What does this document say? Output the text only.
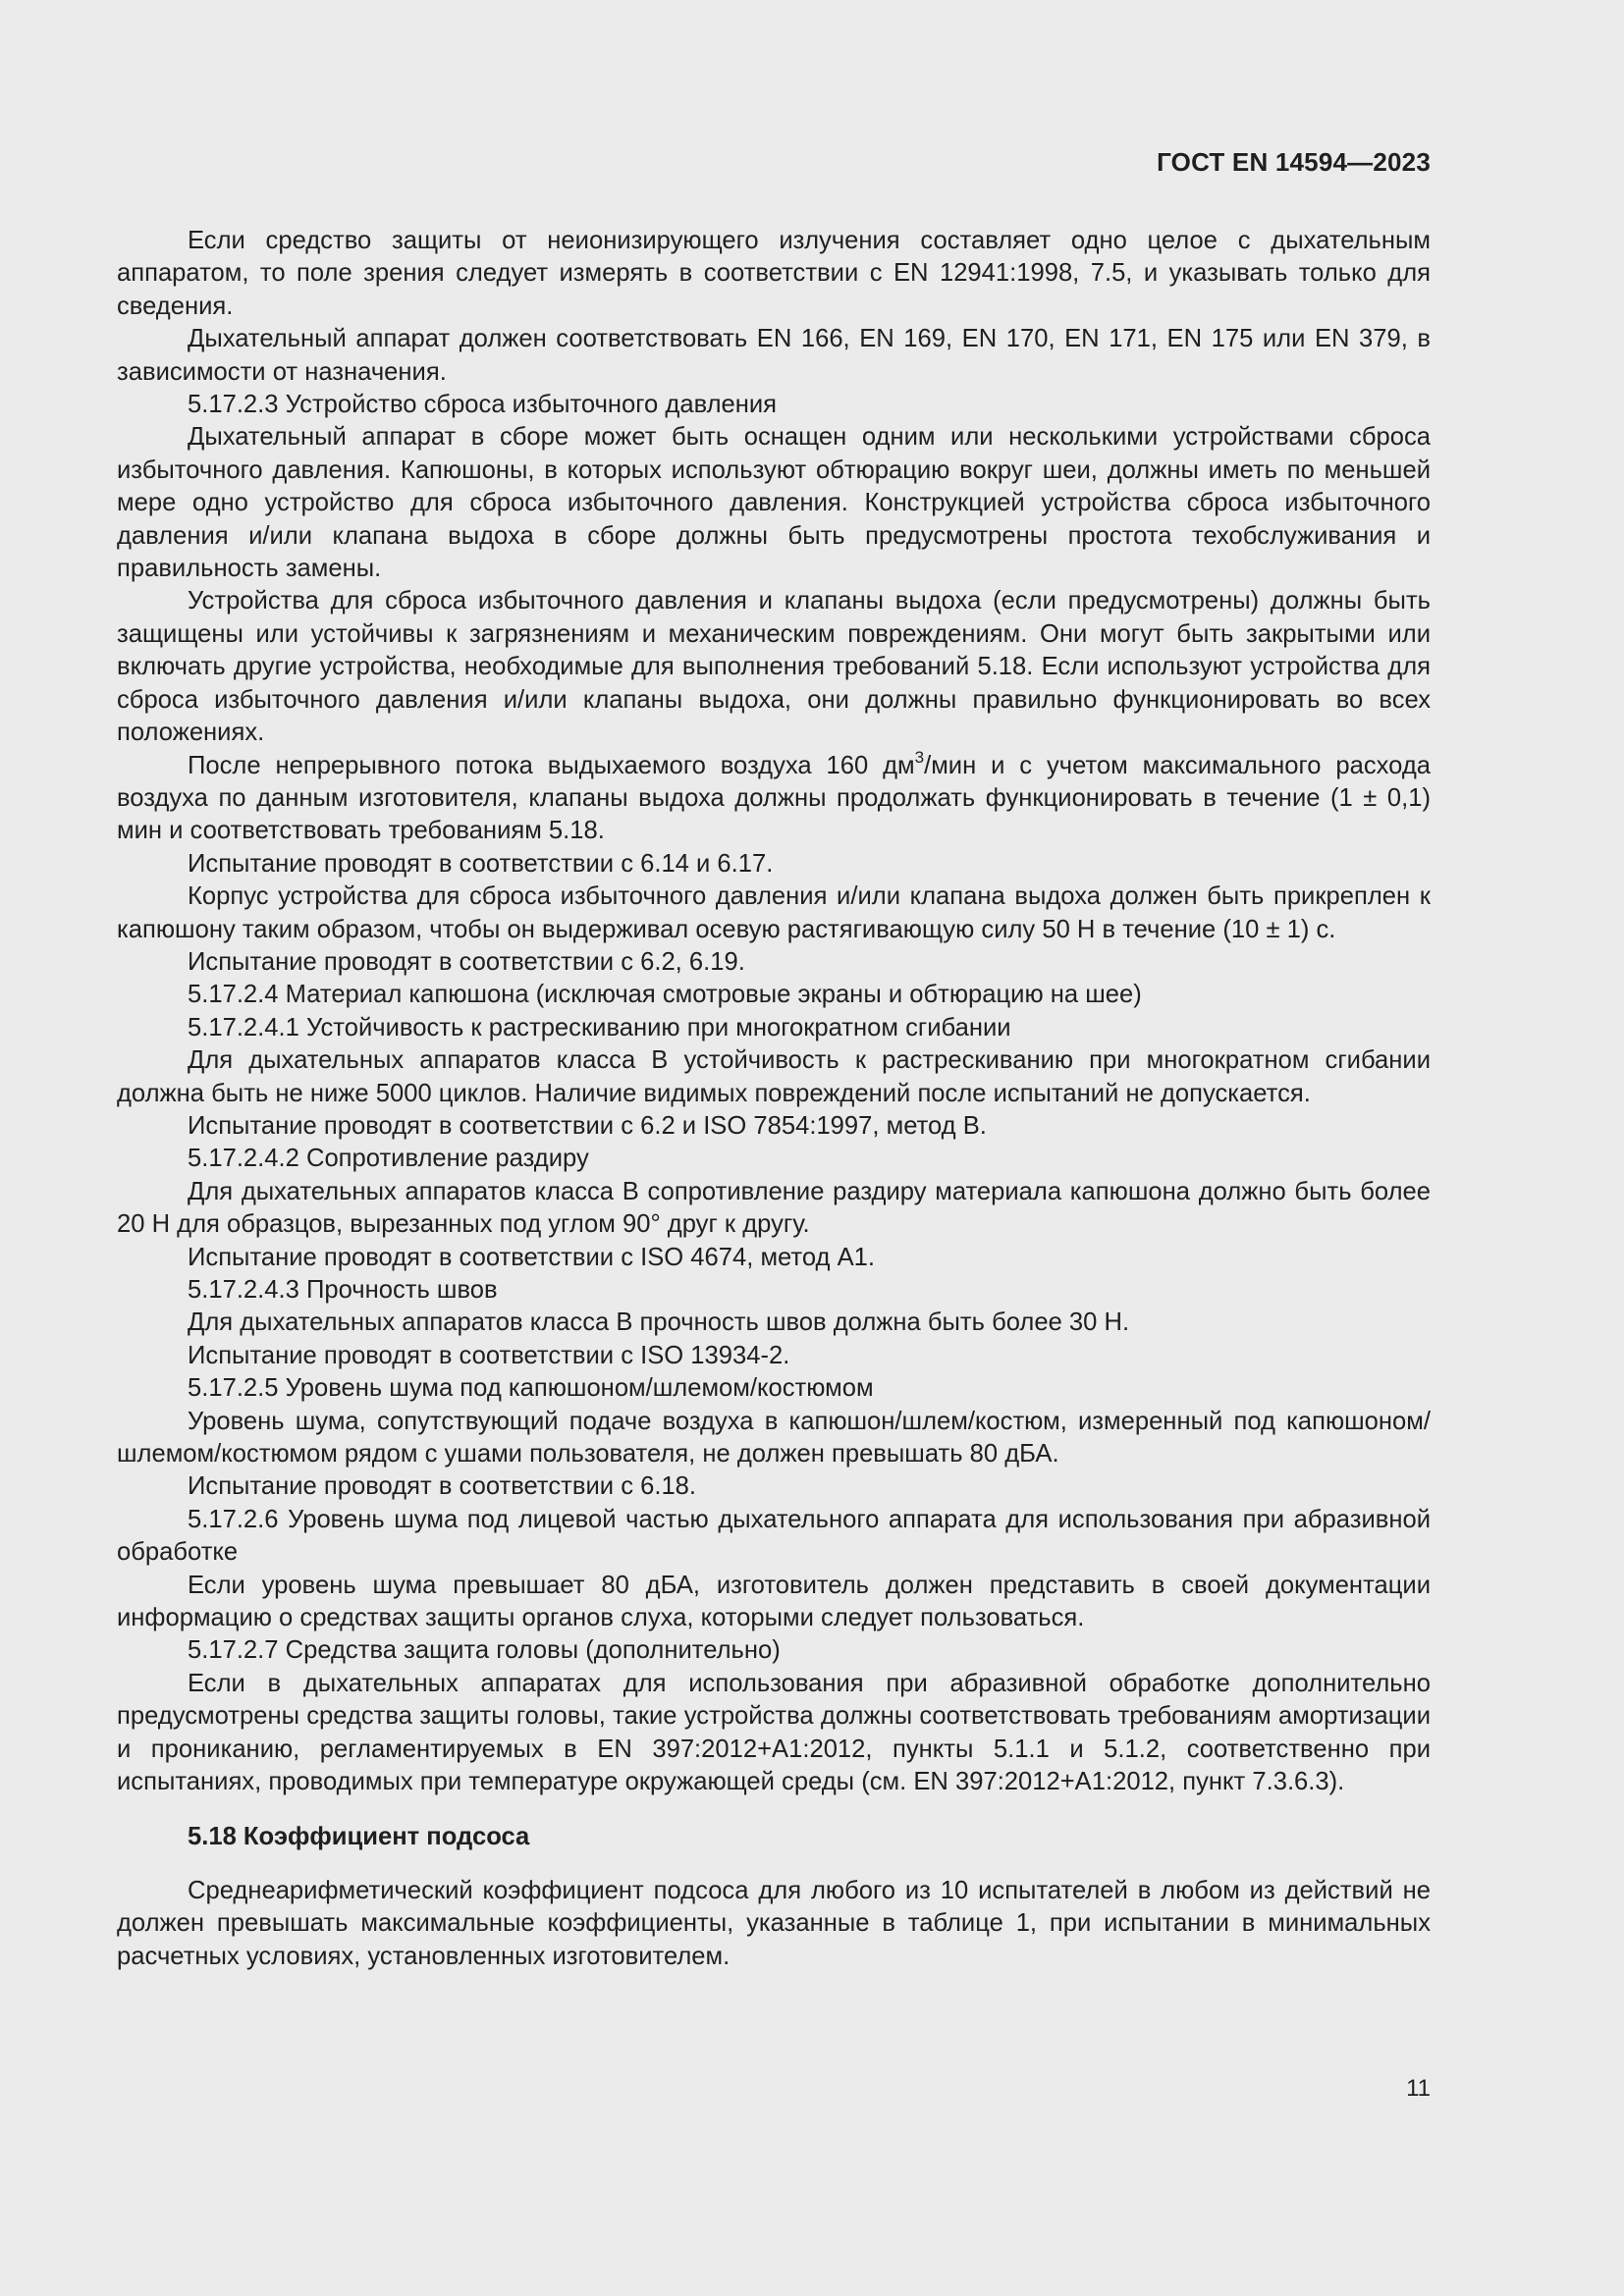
ГОСТ EN 14594—2023

Если средство защиты от неионизирующего излучения составляет одно целое с дыхательным аппаратом, то поле зрения следует измерять в соответствии с EN 12941:1998, 7.5, и указывать только для сведения.

Дыхательный аппарат должен соответствовать EN 166, EN 169, EN 170, EN 171, EN 175 или EN 379, в зависимости от назначения.

5.17.2.3 Устройство сброса избыточного давления

Дыхательный аппарат в сборе может быть оснащен одним или несколькими устройствами сброса избыточного давления. Капюшоны, в которых используют обтюрацию вокруг шеи, должны иметь по меньшей мере одно устройство для сброса избыточного давления. Конструкцией устройства сброса избыточного давления и/или клапана выдоха в сборе должны быть предусмотрены простота техобслуживания и правильность замены.

Устройства для сброса избыточного давления и клапаны выдоха (если предусмотрены) должны быть защищены или устойчивы к загрязнениям и механическим повреждениям. Они могут быть закрытыми или включать другие устройства, необходимые для выполнения требований 5.18. Если используют устройства для сброса избыточного давления и/или клапаны выдоха, они должны правильно функционировать во всех положениях.

После непрерывного потока выдыхаемого воздуха 160 $дм^3$/мин и с учетом максимального расхода воздуха по данным изготовителя, клапаны выдоха должны продолжать функционировать в течение (1 ± 0,1) мин и соответствовать требованиям 5.18.

Испытание проводят в соответствии с 6.14 и 6.17.

Корпус устройства для сброса избыточного давления и/или клапана выдоха должен быть прикреплен к капюшону таким образом, чтобы он выдерживал осевую растягивающую силу 50 Н в течение (10 ± 1) с.

Испытание проводят в соответствии с 6.2, 6.19.

5.17.2.4 Материал капюшона (исключая смотровые экраны и обтюрацию на шее)

5.17.2.4.1 Устойчивость к растрескиванию при многократном сгибании

Для дыхательных аппаратов класса В устойчивость к растрескиванию при многократном сгибании должна быть не ниже 5000 циклов. Наличие видимых повреждений после испытаний не допускается.

Испытание проводят в соответствии с 6.2 и ISO 7854:1997, метод В.

5.17.2.4.2 Сопротивление раздиру

Для дыхательных аппаратов класса В сопротивление раздиру материала капюшона должно быть более 20 Н для образцов, вырезанных под углом 90° друг к другу.

Испытание проводят в соответствии с ISO 4674, метод А1.

5.17.2.4.3 Прочность швов

Для дыхательных аппаратов класса В прочность швов должна быть более 30 Н.

Испытание проводят в соответствии с ISO 13934-2.

5.17.2.5 Уровень шума под капюшоном/шлемом/костюмом

Уровень шума, сопутствующий подаче воздуха в капюшон/шлем/костюм, измеренный под капюшоном/шлемом/костюмом рядом с ушами пользователя, не должен превышать 80 дБА.

Испытание проводят в соответствии с 6.18.

5.17.2.6 Уровень шума под лицевой частью дыхательного аппарата для использования при абразивной обработке

Если уровень шума превышает 80 дБА, изготовитель должен представить в своей документации информацию о средствах защиты органов слуха, которыми следует пользоваться.

5.17.2.7 Средства защита головы (дополнительно)

Если в дыхательных аппаратах для использования при абразивной обработке дополнительно предусмотрены средства защиты головы, такие устройства должны соответствовать требованиям амортизации и прониканию, регламентируемых в EN 397:2012+A1:2012, пункты 5.1.1 и 5.1.2, соответственно при испытаниях, проводимых при температуре окружающей среды (см. EN 397:2012+A1:2012, пункт 7.3.6.3).

5.18 Коэффициент подсоса

Среднеарифметический коэффициент подсоса для любого из 10 испытателей в любом из действий не должен превышать максимальные коэффициенты, указанные в таблице 1, при испытании в минимальных расчетных условиях, установленных изготовителем.

11
